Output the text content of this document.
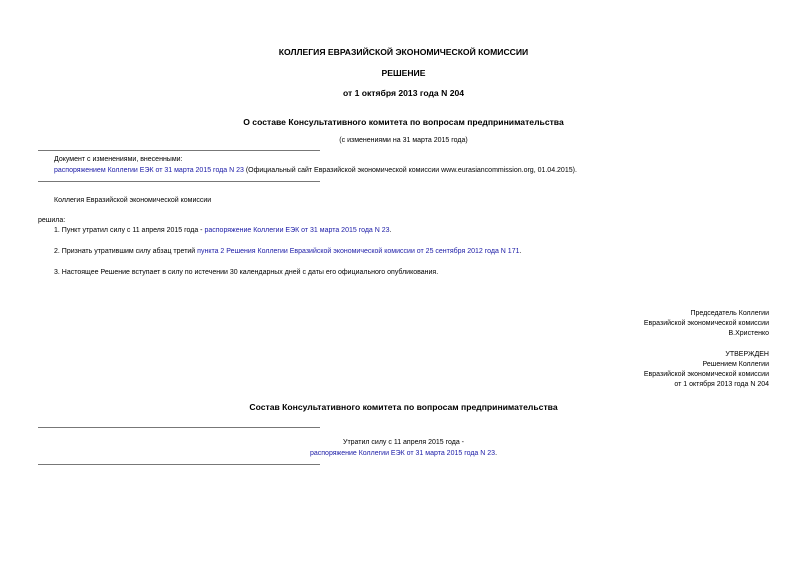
КОЛЛЕГИЯ ЕВРАЗИЙСКОЙ ЭКОНОМИЧЕСКОЙ КОМИССИИ
РЕШЕНИЕ
от 1 октября 2013 года N 204
О составе Консультативного комитета по вопросам предпринимательства
(с изменениями на 31 марта 2015 года)
Документ с изменениями, внесенными:
распоряжением Коллегии ЕЭК от 31 марта 2015 года N 23 (Официальный сайт Евразийской экономической комиссии www.eurasiancommission.org, 01.04.2015).
Коллегия Евразийской экономической комиссии
решила:
1. Пункт утратил силу с 11 апреля 2015 года - распоряжение Коллегии ЕЭК от 31 марта 2015 года N 23.
2. Признать утратившим силу абзац третий пункта 2 Решения Коллегии Евразийской экономической комиссии от 25 сентября 2012 года N 171.
3. Настоящее Решение вступает в силу по истечении 30 календарных дней с даты его официального опубликования.
Председатель Коллегии
Евразийской экономической комиссии
В.Христенко
УТВЕРЖДЕН
Решением Коллегии
Евразийской экономической комиссии
от 1 октября 2013 года N 204
Состав Консультативного комитета по вопросам предпринимательства
Утратил силу с 11 апреля 2015 года -
распоряжение Коллегии ЕЭК от 31 марта 2015 года N 23.
